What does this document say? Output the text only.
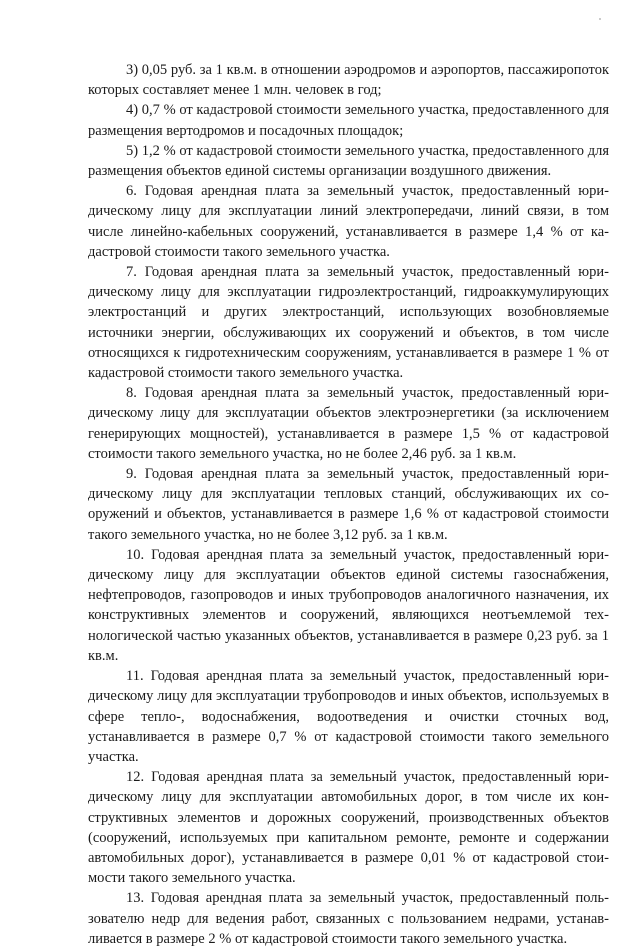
3) 0,05 руб. за 1 кв.м. в отношении аэродромов и аэропортов, пассажиропоток которых составляет менее 1 млн. человек в год;

4) 0,7 % от кадастровой стоимости земельного участка, предоставленного для размещения вертодромов и посадочных площадок;

5) 1,2 % от кадастровой стоимости земельного участка, предоставленного для размещения объектов единой системы организации воздушного движения.

6. Годовая арендная плата за земельный участок, предоставленный юридическому лицу для эксплуатации линий электропередачи, линий связи, в том числе линейно-кабельных сооружений, устанавливается в размере 1,4 % от кадастровой стоимости такого земельного участка.

7. Годовая арендная плата за земельный участок, предоставленный юридическому лицу для эксплуатации гидроэлектростанций, гидроаккумулирующих электростанций и других электростанций, использующих возобновляемые источники энергии, обслуживающих их сооружений и объектов, в том числе относящихся к гидротехническим сооружениям, устанавливается в размере 1 % от кадастровой стоимости такого земельного участка.

8. Годовая арендная плата за земельный участок, предоставленный юридическому лицу для эксплуатации объектов электроэнергетики (за исключением генерирующих мощностей), устанавливается в размере 1,5 % от кадастровой стоимости такого земельного участка, но не более 2,46 руб. за 1 кв.м.

9. Годовая арендная плата за земельный участок, предоставленный юридическому лицу для эксплуатации тепловых станций, обслуживающих их сооружений и объектов, устанавливается в размере 1,6 % от кадастровой стоимости такого земельного участка, но не более 3,12 руб. за 1 кв.м.

10. Годовая арендная плата за земельный участок, предоставленный юридическому лицу для эксплуатации объектов единой системы газоснабжения, нефтепроводов, газопроводов и иных трубопроводов аналогичного назначения, их конструктивных элементов и сооружений, являющихся неотъемлемой технологической частью указанных объектов, устанавливается в размере 0,23 руб. за 1 кв.м.

11. Годовая арендная плата за земельный участок, предоставленный юридическому лицу для эксплуатации трубопроводов и иных объектов, используемых в сфере тепло-, водоснабжения, водоотведения и очистки сточных вод, устанавливается в размере 0,7 % от кадастровой стоимости такого земельного участка.

12. Годовая арендная плата за земельный участок, предоставленный юридическому лицу для эксплуатации автомобильных дорог, в том числе их конструктивных элементов и дорожных сооружений, производственных объектов (сооружений, используемых при капитальном ремонте, ремонте и содержании автомобильных дорог), устанавливается в размере 0,01 % от кадастровой стоимости такого земельного участка.

13. Годовая арендная плата за земельный участок, предоставленный пользователю недр для ведения работ, связанных с пользованием недрами, устанавливается в размере 2 % от кадастровой стоимости такого земельного участка.
